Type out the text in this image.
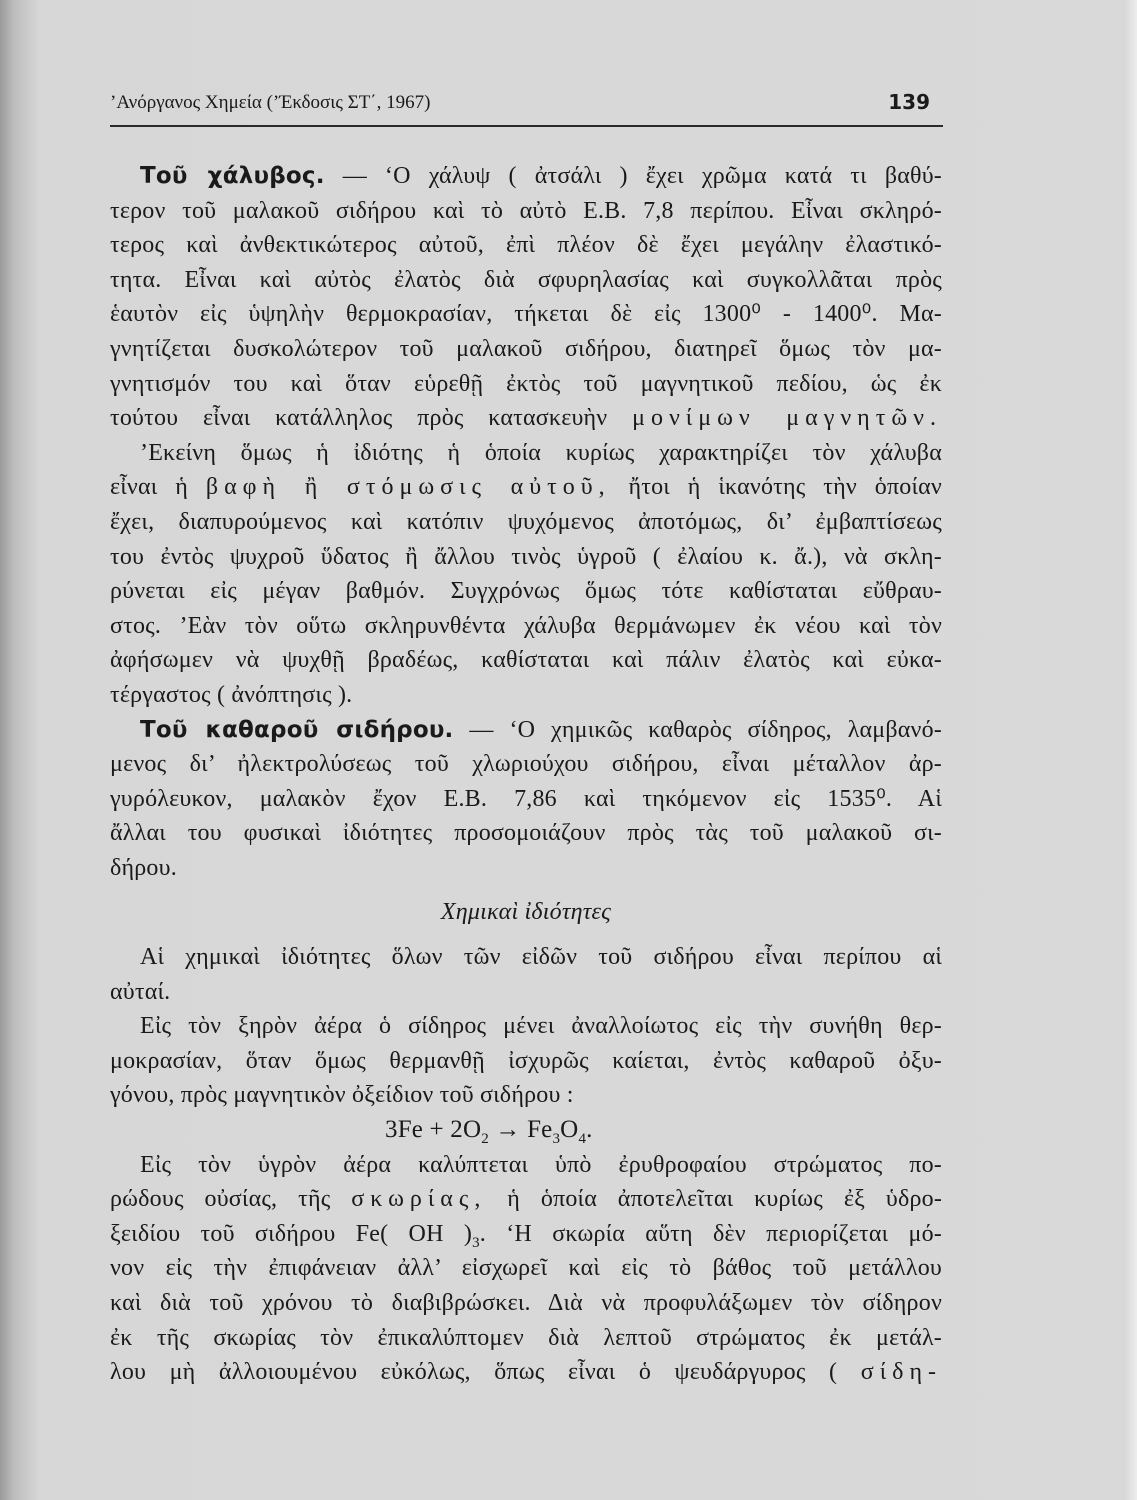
’Ανόργανος Χημεία (’Έκδοσις ΣΤ΄, 1967)	139
Τοῦ χάλυβος. — ‘Ο χάλυψ ( ἀτσάλι ) ἔχει χρῶμα κατά τι βαθύ-
τερον τοῦ μαλακοῦ σιδήρου καὶ τὸ αὐτὸ Ε.Β. 7,8 περίπου. Εἶναι σκληρό-
τερος καὶ ἀνθεκτικώτερος αὐτοῦ, ἐπὶ πλέον δὲ ἔχει μεγάλην ἐλαστικό-
τητα. Εἶναι καὶ αὐτὸς ἐλατὸς διὰ σφυρηλασίας καὶ συγκολλᾶται πρὸς
ἑαυτὸν εἰς ὑψηλὴν θερμοκρασίαν, τήκεται δὲ εἰς 1300⁰ - 1400⁰. Μα-
γνητίζεται δυσκολώτερον τοῦ μαλακοῦ σιδήρου, διατηρεῖ ὅμως τὸν μα-
γνητισμόν του καὶ ὅταν εὑρεθῇ ἐκτὸς τοῦ μαγνητικοῦ πεδίου, ὡς ἐκ
τούτου εἶναι κατάλληλος πρὸς κατασκευὴν μονίμων μαγνητῶν.
’Εκείνη ὅμως ἡ ἰδιότης ἡ ὁποία κυρίως χαρακτηρίζει τὸν χάλυβα
εἶναι ἡ βαφὴ ἢ στόμωσις αὐτοῦ, ἤτοι ἡ ἱκανότης τὴν ὁποίαν
ἔχει, διαπυρούμενος καὶ κατόπιν ψυχόμενος ἀποτόμως, δι’ ἐμβαπτίσεως
του ἐντὸς ψυχροῦ ὕδατος ἢ ἄλλου τινὸς ὑγροῦ ( ἐλαίου κ. ἄ.), νὰ σκλη-
ρύνεται εἰς μέγαν βαθμόν. Συγχρόνως ὅμως τότε καθίσταται εὔθραυ-
στος. ’Εὰν τὸν οὕτω σκληρυνθέντα χάλυβα θερμάνωμεν ἐκ νέου καὶ τὸν
ἀφήσωμεν νὰ ψυχθῇ βραδέως, καθίσταται καὶ πάλιν ἐλατὸς καὶ εὐκα-
τέργαστος ( ἀνόπτησις ).
Τοῦ καθαροῦ σιδήρου. — ‘Ο χημικῶς καθαρὸς σίδηρος, λαμβανό-
μενος δι’ ἠλεκτρολύσεως τοῦ χλωριούχου σιδήρου, εἶναι μέταλλον ἀρ-
γυρόλευκον, μαλακὸν ἔχον Ε.Β. 7,86 καὶ τηκόμενον εἰς 1535⁰. Αἱ
ἄλλαι του φυσικαὶ ἰδιότητες προσομοιάζουν πρὸς τὰς τοῦ μαλακοῦ σι-
δήρου.
Χημικαὶ ἰδιότητες
Αἱ χημικαὶ ἰδιότητες ὅλων τῶν εἰδῶν τοῦ σιδήρου εἶναι περίπου αἱ
αὐταί.
Εἰς τὸν ξηρὸν ἀέρα ὁ σίδηρος μένει ἀναλλοίωτος εἰς τὴν συνήθη θερ-
μοκρασίαν, ὅταν ὅμως θερμανθῇ ἰσχυρῶς καίεται, ἐντὸς καθαροῦ ὀξυ-
γόνου, πρὸς μαγνητικὸν ὀξείδιον τοῦ σιδήρου :
$3Fe + 2O_2 \to Fe_3O_4$.
Εἰς τὸν ὑγρὸν ἀέρα καλύπτεται ὑπὸ ἐρυθροφαίου στρώματος πο-
ρώδους οὐσίας, τῆς σκωρίας, ἡ ὁποία ἀποτελεῖται κυρίως ἐξ ὑδρο-
ξειδίου τοῦ σιδήρου Fe( OH )$_3$. ‘Η σκωρία αὕτη δὲν περιορίζεται μό-
νον εἰς τὴν ἐπιφάνειαν ἀλλ’ εἰσχωρεῖ καὶ εἰς τὸ βάθος τοῦ μετάλλου
καὶ διὰ τοῦ χρόνου τὸ διαβιβρώσκει. Διὰ νὰ προφυλάξωμεν τὸν σίδηρον
ἐκ τῆς σκωρίας τὸν ἐπικαλύπτομεν διὰ λεπτοῦ στρώματος ἐκ μετάλ-
λου μὴ ἀλλοιουμένου εὐκόλως, ὅπως εἶναι ὁ ψευδάργυρος ( σίδη-
